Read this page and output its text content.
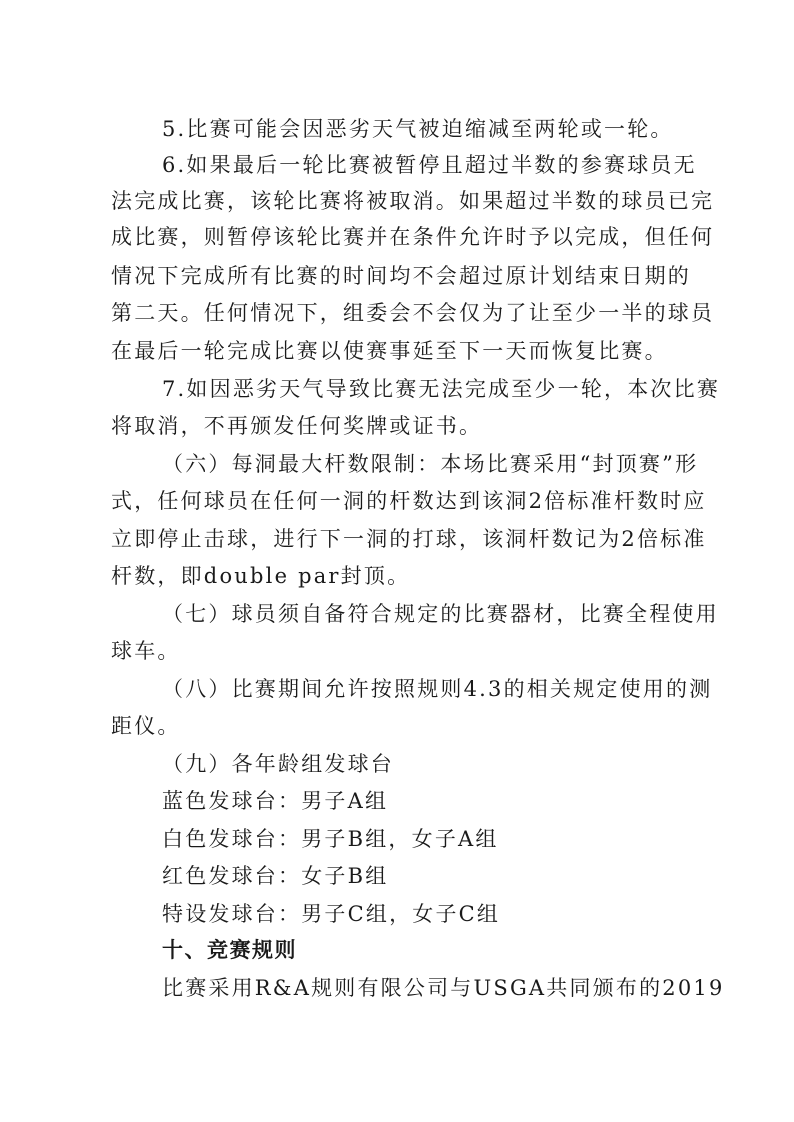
5.比赛可能会因恶劣天气被迫缩减至两轮或一轮。
6.如果最后一轮比赛被暂停且超过半数的参赛球员无
法完成比赛，该轮比赛将被取消。如果超过半数的球员已完
成比赛，则暂停该轮比赛并在条件允许时予以完成，但任何
情况下完成所有比赛的时间均不会超过原计划结束日期的
第二天。任何情况下，组委会不会仅为了让至少一半的球员
在最后一轮完成比赛以使赛事延至下一天而恢复比赛。
7.如因恶劣天气导致比赛无法完成至少一轮，本次比赛
将取消，不再颁发任何奖牌或证书。
（六）每洞最大杆数限制：本场比赛采用“封顶赛”形
式，任何球员在任何一洞的杆数达到该洞2倍标准杆数时应
立即停止击球，进行下一洞的打球，该洞杆数记为2倍标准
杆数，即double par封顶。
（七）球员须自备符合规定的比赛器材，比赛全程使用
球车。
（八）比赛期间允许按照规则4.3的相关规定使用的测
距仪。
（九）各年龄组发球台
蓝色发球台：男子A组
白色发球台：男子B组，女子A组
红色发球台：女子B组
特设发球台：男子C组，女子C组
十、竞赛规则
比赛采用R&A规则有限公司与USGA共同颁布的2019
